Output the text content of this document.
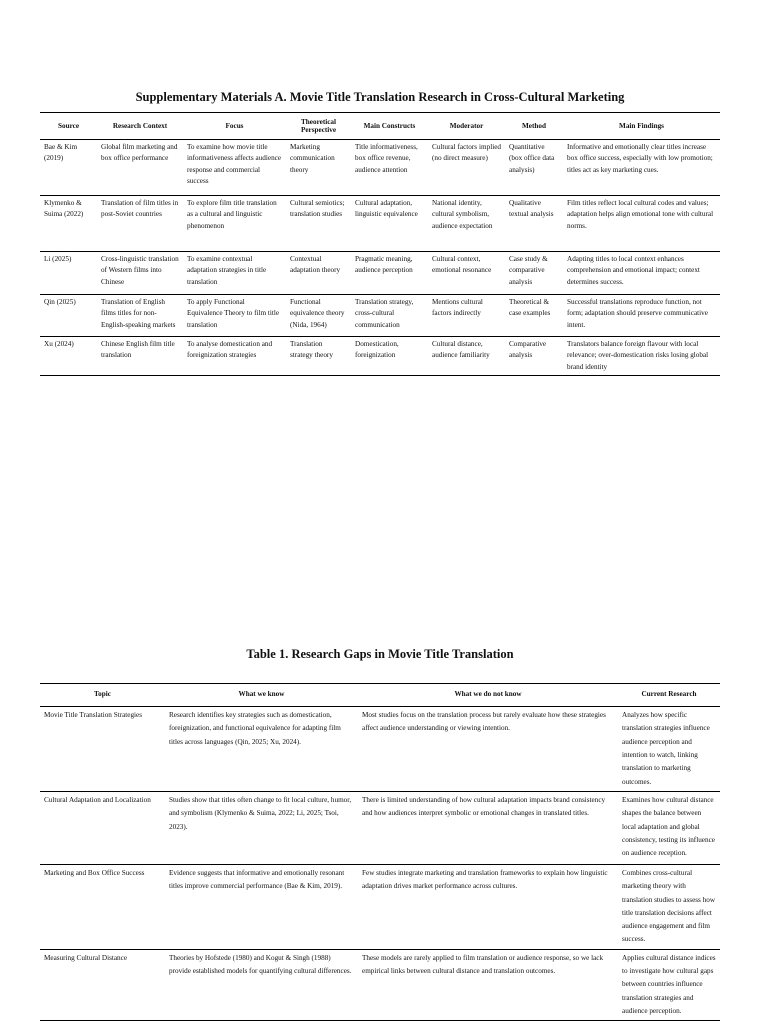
Supplementary Materials A. Movie Title Translation Research in Cross-Cultural Marketing
Source	Research Context	Focus	Theoretical Perspective	Main Constructs	Moderator	Method	Main Findings
Bae & Kim (2019)	Global film marketing and box office performance	To examine how movie title informativeness affects audience response and commercial success	Marketing communication theory	Title informativeness, box office revenue, audience attention	Cultural factors implied (no direct measure)	Quantitative (box office data analysis)	Informative and emotionally clear titles increase box office success, especially with low promotion; titles act as key marketing cues.
Klymenko & Suima (2022)	Translation of film titles in post-Soviet countries	To explore film title translation as a cultural and linguistic phenomenon	Cultural semiotics; translation studies	Cultural adaptation, linguistic equivalence	National identity, cultural symbolism, audience expectation	Qualitative textual analysis	Film titles reflect local cultural codes and values; adaptation helps align emotional tone with cultural norms.
Li (2025)	Cross-linguistic translation of Western films into Chinese	To examine contextual adaptation strategies in title translation	Contextual adaptation theory	Pragmatic meaning, audience perception	Cultural context, emotional resonance	Case study & comparative analysis	Adapting titles to local context enhances comprehension and emotional impact; context determines success.
Qin (2025)	Translation of English films titles for non-English-speaking markets	To apply Functional Equivalence Theory to film title translation	Functional equivalence theory (Nida, 1964)	Translation strategy, cross-cultural communication	Mentions cultural factors indirectly	Theoretical & case examples	Successful translations reproduce function, not form; adaptation should preserve communicative intent.
Xu (2024)	Chinese English film title translation	To analyse domestication and foreignization strategies	Translation strategy theory	Domestication, foreignization	Cultural distance, audience familiarity	Comparative analysis	Translators balance foreign flavour with local relevance; over-domestication risks losing global brand identity
Table 1. Research Gaps in Movie Title Translation
Topic	What we know	What we do not know	Current Research
Movie Title Translation Strategies	Research identifies key strategies such as domestication, foreignization, and functional equivalence for adapting film titles across languages (Qin, 2025; Xu, 2024).	Most studies focus on the translation process but rarely evaluate how these strategies affect audience understanding or viewing intention.	Analyzes how specific translation strategies influence audience perception and intention to watch, linking translation to marketing outcomes.
Cultural Adaptation and Localization	Studies show that titles often change to fit local culture, humor, and symbolism (Klymenko & Suima, 2022; Li, 2025; Tsoi, 2023).	There is limited understanding of how cultural adaptation impacts brand consistency and how audiences interpret symbolic or emotional changes in translated titles.	Examines how cultural distance shapes the balance between local adaptation and global consistency, testing its influence on audience reception.
Marketing and Box Office Success	Evidence suggests that informative and emotionally resonant titles improve commercial performance (Bae & Kim, 2019).	Few studies integrate marketing and translation frameworks to explain how linguistic adaptation drives market performance across cultures.	Combines cross-cultural marketing theory with translation studies to assess how title translation decisions affect audience engagement and film success.
Measuring Cultural Distance	Theories by Hofstede (1980) and Kogut & Singh (1988) provide established models for quantifying cultural differences.	These models are rarely applied to film translation or audience response, so we lack empirical links between cultural distance and translation outcomes.	Applies cultural distance indices to investigate how cultural gaps between countries influence translation strategies and audience perception.
